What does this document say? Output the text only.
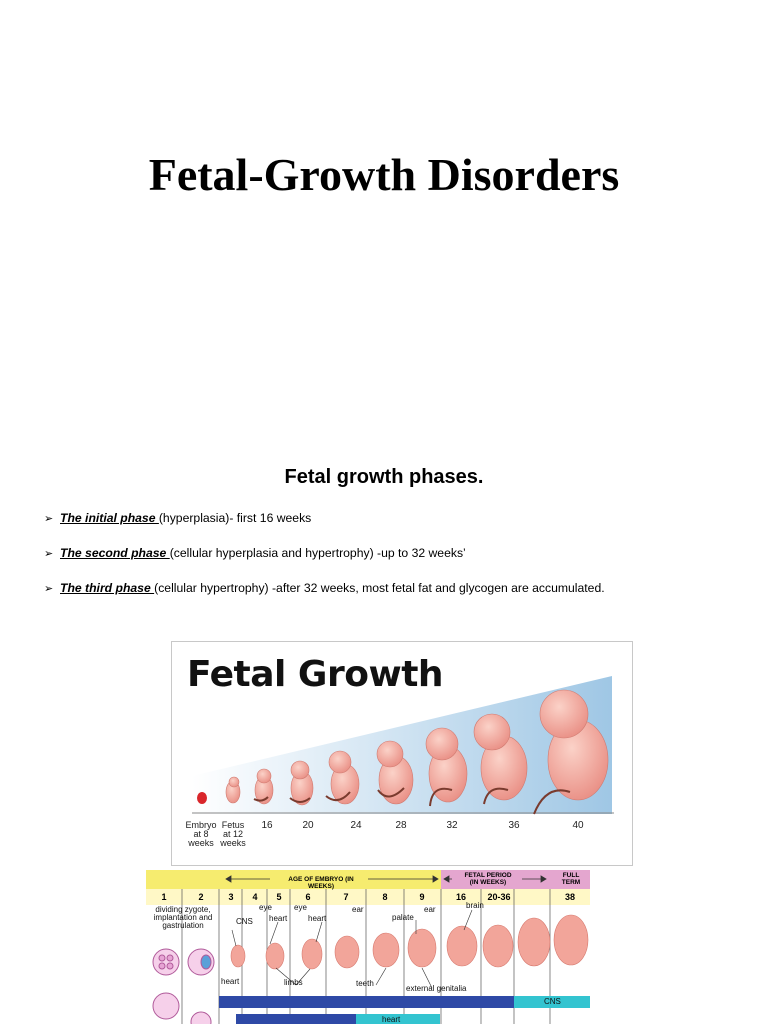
Fetal-Growth Disorders
Fetal growth phases.
➢ The initial phase (hyperplasia)- first 16 weeks
➢ The second phase (cellular hyperplasia and hypertrophy) -up to 32 weeks’
➢ The third phase (cellular hypertrophy) -after 32 weeks, most fetal fat and glycogen are accumulated.
Fetal Growth
Embryo
at 8
weeks
Fetus
at 12
weeks
16	20	24	28	32	36	40
AGE OF EMBRYO (IN WEEKS)
FETAL PERIOD
(IN WEEKS)
FULL
TERM
1	2	3	4	5	6	7	8	9	16	20-36	38
dividing zygote,
implantation and
gastrulation	CNS
heart
eye
heart
eye
heart
ear
palate
ear	brain
limbs	teeth
external genitalia
CNS
heart
